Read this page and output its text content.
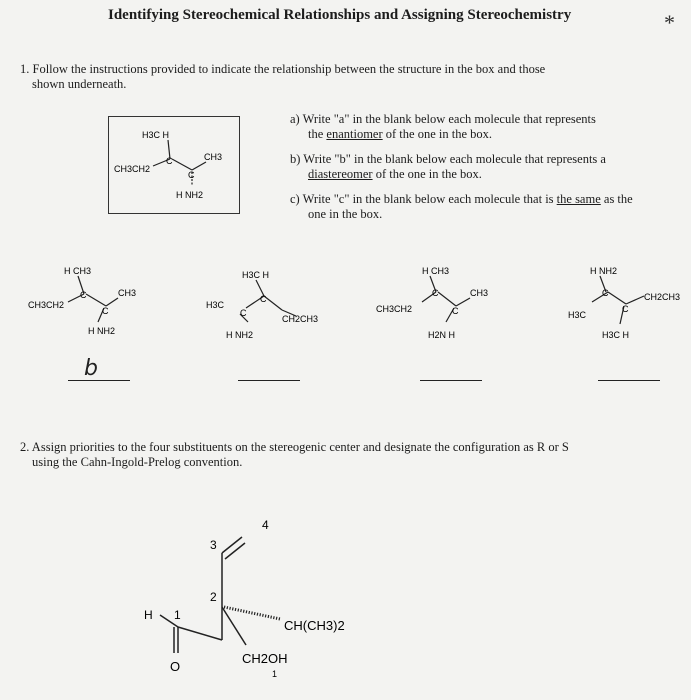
Identifying Stereochemical Relationships and Assigning Stereochemistry	*
1. Follow the instructions provided to indicate the relationship between the structure in the box and those
shown underneath.
H3C H
CH3
CH3CH2
C
C
H NH2
a) Write "a" in the blank below each molecule that represents
the enantiomer of the one in the box.
b) Write "b" in the blank below each molecule that represents a
diastereomer of the one in the box.
c) Write "c" in the blank below each molecule that is the same as the
one in the box.
H CH3
CH3
CH3CH2
C
C
H NH2
b
H3C H
H3C
CH2CH3
C
C
H NH2
H CH3
CH3
CH3CH2
C
C
H2N H
H NH2
CH2CH3
H3C
C
C
H3C H
2. Assign priorities to the four substituents on the stereogenic center and designate the configuration as R or S
using the Cahn-Ingold-Prelog convention.
4
3
2
1
H
O
CH(CH3)2
CH2OH
1
